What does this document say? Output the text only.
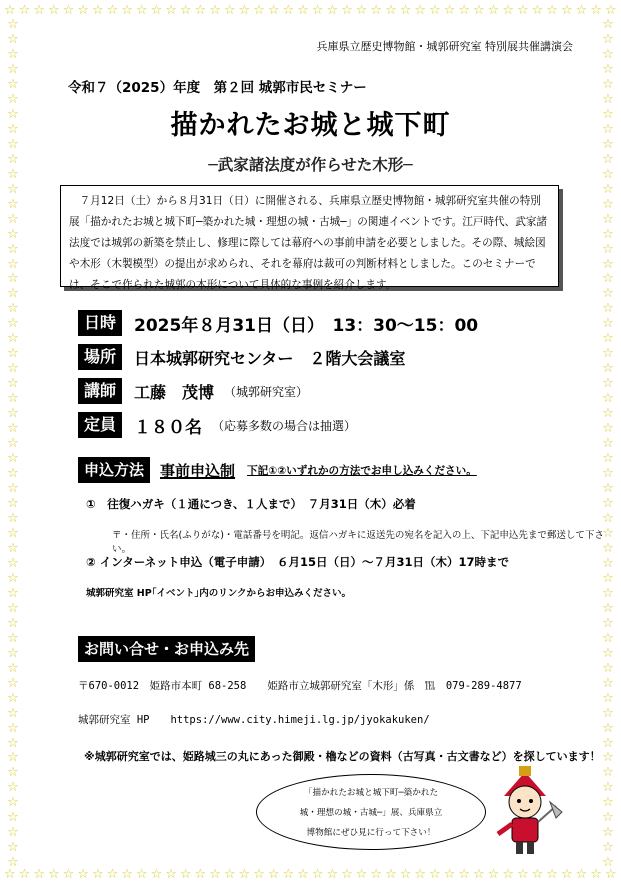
☆ ☆ ☆ ☆ ☆ ☆ ☆ ☆ ☆ ☆ ☆ ☆ ☆ ☆ ☆ ☆ ☆ ☆ ☆ ☆ ☆ ☆ ☆ ☆ ☆ ☆ ☆ ☆ ☆ ☆ ☆ ☆ ☆ ☆ ☆ ☆ ☆ ☆ ☆ ☆ ☆ ☆
☆ ☆ ☆ ☆ ☆ ☆ ☆ ☆ ☆ ☆ ☆ ☆ ☆ ☆ ☆ ☆ ☆ ☆ ☆ ☆ ☆ ☆ ☆ ☆ ☆ ☆ ☆ ☆ ☆ ☆ ☆ ☆ ☆ ☆ ☆ ☆ ☆ ☆ ☆ ☆ ☆ ☆
☆
☆
☆
☆
☆
☆
☆
☆
☆
☆
☆
☆
☆
☆
☆
☆
☆
☆
☆
☆
☆
☆
☆
☆
☆
☆
☆
☆
☆
☆
☆
☆
☆
☆
☆
☆
☆
☆
☆
☆
☆
☆
☆
☆
☆
☆
☆
☆
☆
☆
☆
☆
☆
☆
☆
☆
☆
☆
☆
☆
☆
☆
☆
☆
☆
☆
☆
☆
☆
☆
☆
☆
☆
☆
☆
☆
☆
☆
☆
☆
☆
☆
☆
☆
☆
☆
☆
☆
☆
☆
☆
☆
☆
☆
☆
☆
☆
☆
☆
☆
☆
☆
☆
☆
☆
☆
☆
☆
☆
☆
☆
☆
☆
☆
兵庫県立歴史博物館・城郭研究室 特別展共催講演会
令和７（2025）年度　第２回 城郭市民セミナー
描かれたお城と城下町
─武家諸法度が作らせた木形─
７月12日（土）から８月31日（日）に開催される、兵庫県立歴史博物館・城郭研究室共催の特別展「描かれたお城と城下町─築かれた城・理想の城・古城─」の関連イベントです。江戸時代、武家諸法度では城郭の新築を禁止し、修理に際しては幕府への事前申請を必要としました。その際、城絵図や木形（木製模型）の提出が求められ、それを幕府は裁可の判断材料としました。このセミナーでは、そこで作られた城郭の木形について具体的な事例を紹介します。
日時	2025年８月31日（日）　13：30～15：00
場所	日本城郭研究センター　２階大会議室
講師	工藤　茂博 （城郭研究室）
定員	１８０名 （応募多数の場合は抽選）
申込方法	事前申込制 下記①②いずれかの方法でお申し込みください。
①　往復ハガキ（１通につき、１人まで）　７月31日（木）必着
〒・住所・氏名(ふりがな)・電話番号を明記。返信ハガキに返送先の宛名を記入の上、下記申込先まで郵送して下さい。
② インターネット申込（電子申請）　６月15日（日）～７月31日（木）17時まで
城郭研究室 HP｢イベント｣内のリンクからお申込みください。
お問い合せ・お申込み先
〒670-0012　姫路市本町 68-258　　姫路市立城郭研究室「木形」係　℡　079-289-4877
城郭研究室 HP　　https://www.city.himeji.lg.jp/jyokakuken/
※城郭研究室では、姫路城三の丸にあった御殿・櫓などの資料（古写真・古文書など）を探しています！
「描かれたお城と城下町─築かれた
城・理想の城・古城─」展、兵庫県立
博物館にぜひ見に行って下さい！
